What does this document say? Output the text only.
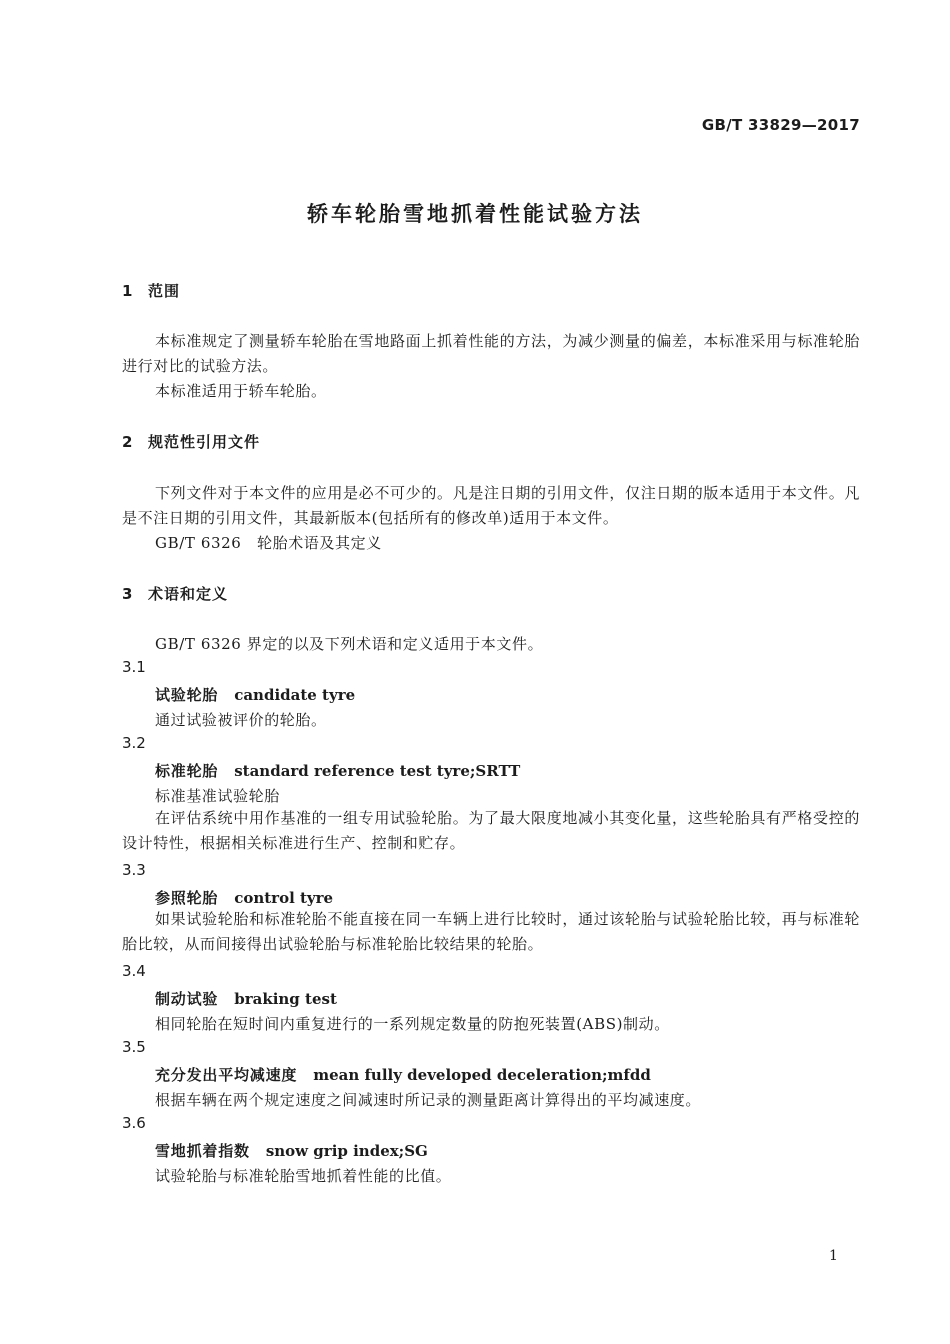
GB/T 33829—2017
轿车轮胎雪地抓着性能试验方法
1 范围
本标准规定了测量轿车轮胎在雪地路面上抓着性能的方法，为减少测量的偏差，本标准采用与标准轮胎进行对比的试验方法。
本标准适用于轿车轮胎。
2 规范性引用文件
下列文件对于本文件的应用是必不可少的。凡是注日期的引用文件，仅注日期的版本适用于本文件。凡是不注日期的引用文件，其最新版本(包括所有的修改单)适用于本文件。
GB/T 6326　轮胎术语及其定义
3 术语和定义
GB/T 6326 界定的以及下列术语和定义适用于本文件。
3.1
试验轮胎 candidate tyre
通过试验被评价的轮胎。
3.2
标准轮胎 standard reference test tyre;SRTT
标准基准试验轮胎
在评估系统中用作基准的一组专用试验轮胎。为了最大限度地减小其变化量，这些轮胎具有严格受控的设计特性，根据相关标准进行生产、控制和贮存。
3.3
参照轮胎 control tyre
如果试验轮胎和标准轮胎不能直接在同一车辆上进行比较时，通过该轮胎与试验轮胎比较，再与标准轮胎比较，从而间接得出试验轮胎与标准轮胎比较结果的轮胎。
3.4
制动试验 braking test
相同轮胎在短时间内重复进行的一系列规定数量的防抱死装置(ABS)制动。
3.5
充分发出平均减速度 mean fully developed deceleration;mfdd
根据车辆在两个规定速度之间减速时所记录的测量距离计算得出的平均减速度。
3.6
雪地抓着指数 snow grip index;SG
试验轮胎与标准轮胎雪地抓着性能的比值。
1
